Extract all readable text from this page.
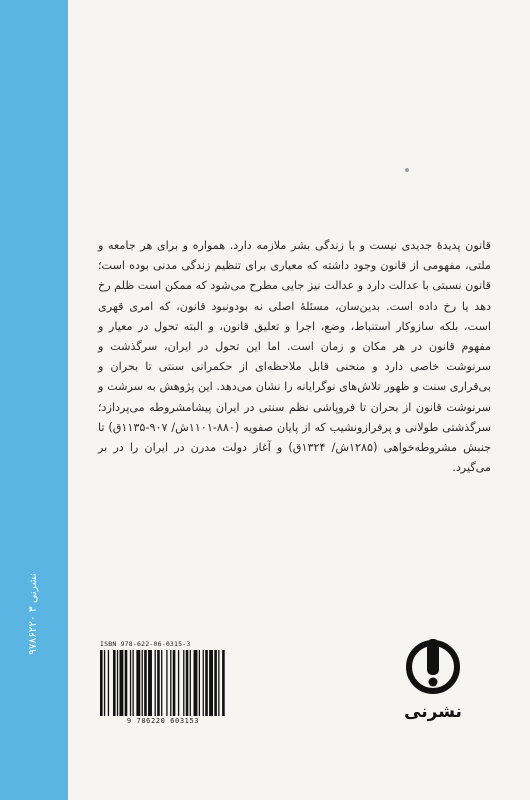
نشرنی ۳ ۹۷۸۶۲۲۰

قانون پدیدهٔ جدیدی نیست و با زندگی بشر ملازمه دارد. همواره و برای هر جامعه و ملتی، مفهومی از قانون وجود داشته که معیاری برای تنظیم زندگی مدنی بوده است؛ قانون نسبتی با عدالت دارد و عدالت نیز جایی مطرح می‌شود که ممکن است ظلم رخ دهد یا رخ داده است. بدین‌سان، مسئلهٔ اصلی نه بودونبود قانون، که امری قهری است، بلکه سازوکار استنباط، وضع، اجرا و تعلیق قانون، و البته تحول در معیار و مفهوم قانون در هر مکان و زمان است. اما این تحول در ایران، سرگذشت و سرنوشت خاصی دارد و منحنی قابل ملاحظه‌ای از حکمرانی سنتی تا بحران و بی‌قراری سنت و ظهور تلاش‌های نوگرایانه را نشان می‌دهد. این پژوهش به سرشت و سرنوشت قانون از بحران تا فروپاشی نظم سنتی در ایران پیشامشروطه می‌پردازد؛ سرگذشتی طولانی و پرفرازونشیب که از پایان صفویه (۸۸۰-۱۱۰۱ش/ ۹۰۷-۱۱۳۵ق) تا جنبش مشروطه‌خواهی (۱۲۸۵ش/ ۱۳۲۴ق) و آغاز دولت مدرن در ایران را در بر می‌گیرد.

ISBN 978-622-06-0315-3
9 786220 603153	نشرنی
